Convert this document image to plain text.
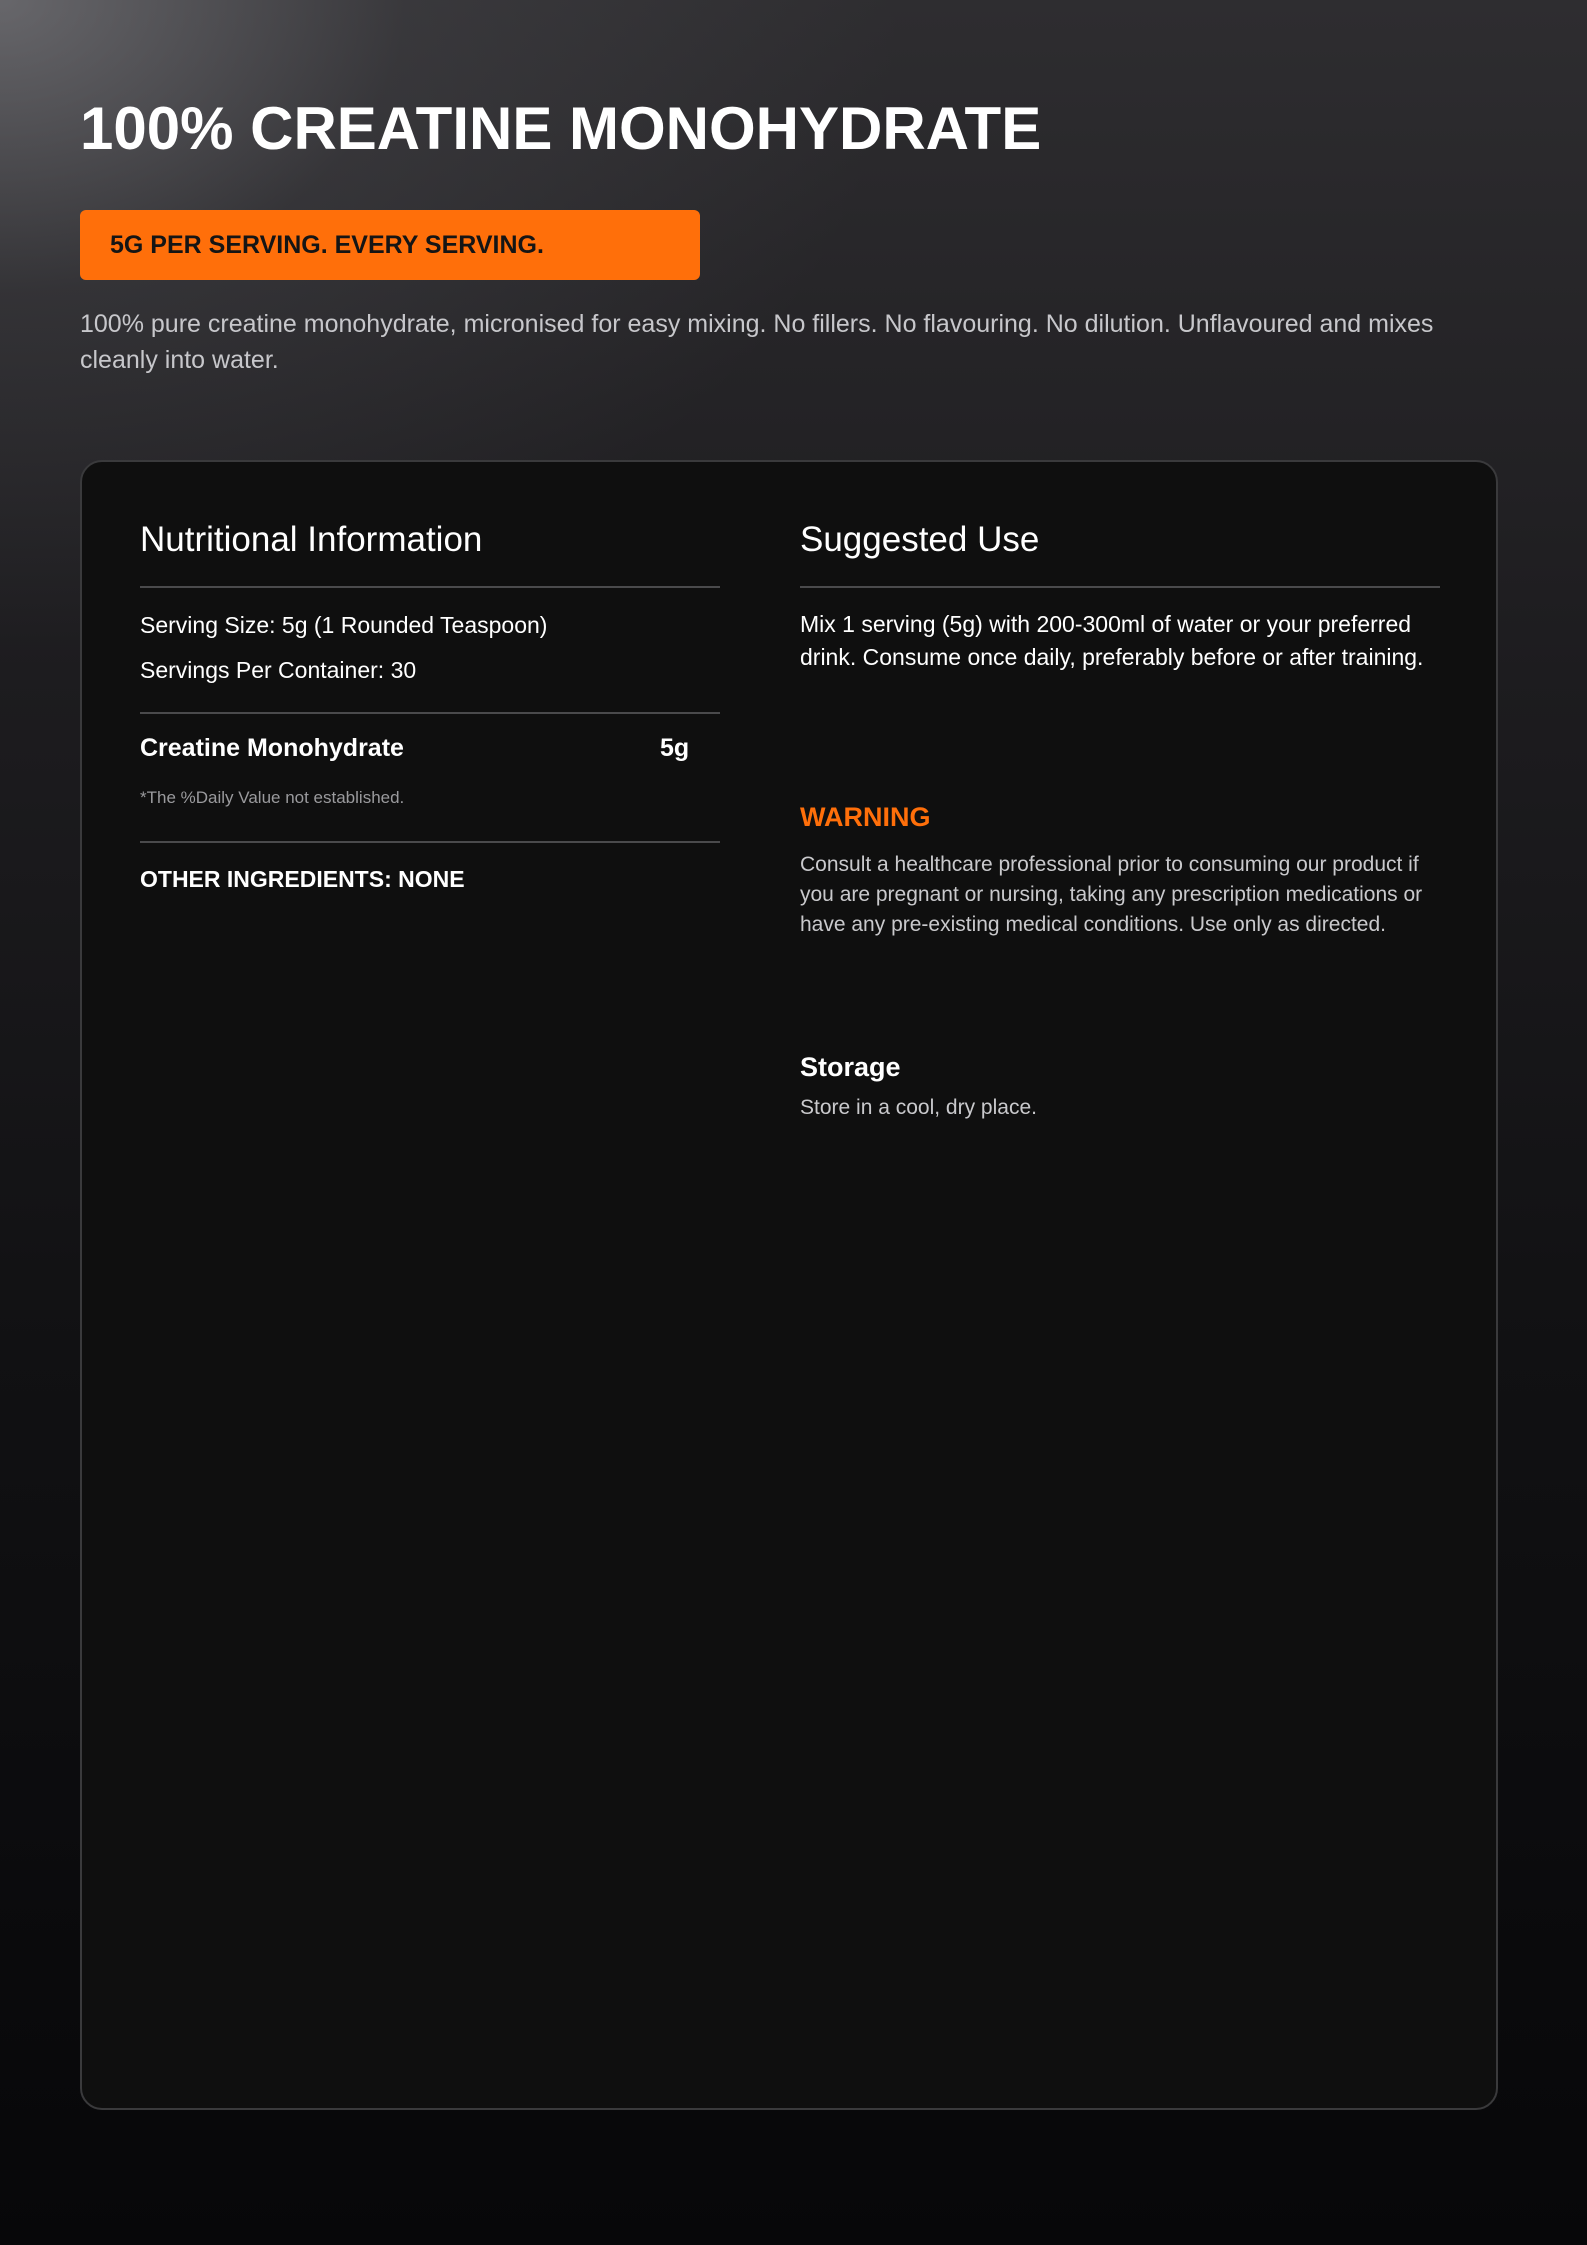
100% CREATINE MONOHYDRATE
5G PER SERVING. EVERY SERVING.

100% pure creatine monohydrate, micronised for easy mixing. No fillers. No flavouring. No dilution. Unflavoured and mixes cleanly into water.

Nutritional Information

Serving Size: 5g (1 Rounded Teaspoon)

Servings Per Container: 30

Creatine Monohydrate	5g
*The %Daily Value not established.
OTHER INGREDIENTS: NONE
Suggested Use

Mix 1 serving (5g) with 200-300ml of water or your preferred drink. Consume once daily, preferably before or after training.

WARNING

Consult a healthcare professional prior to consuming our product if you are pregnant or nursing, taking any prescription medications or have any pre-existing medical conditions. Use only as directed.

Storage

Store in a cool, dry place.
